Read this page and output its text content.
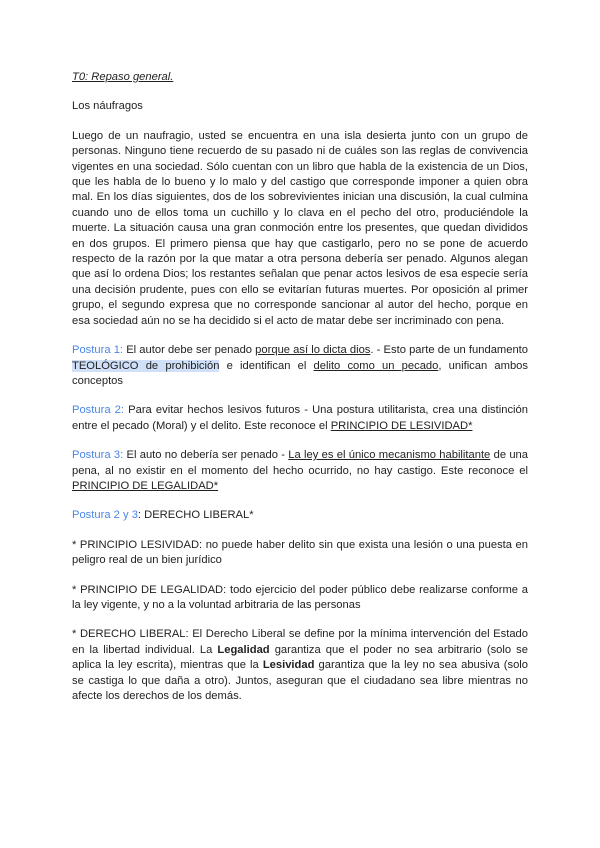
T0: Repaso general.
Los náufragos

Luego de un naufragio, usted se encuentra en una isla desierta junto con un grupo de personas. Ninguno tiene recuerdo de su pasado ni de cuáles son las reglas de convivencia vigentes en una sociedad. Sólo cuentan con un libro que habla de la existencia de un Dios, que les habla de lo bueno y lo malo y del castigo que corresponde imponer a quien obra mal. En los días siguientes, dos de los sobrevivientes inician una discusión, la cual culmina cuando uno de ellos toma un cuchillo y lo clava en el pecho del otro, produciéndole la muerte. La situación causa una gran conmoción entre los presentes, que quedan divididos en dos grupos. El primero piensa que hay que castigarlo, pero no se pone de acuerdo respecto de la razón por la que matar a otra persona debería ser penado. Algunos alegan que así lo ordena Dios; los restantes señalan que penar actos lesivos de esa especie sería una decisión prudente, pues con ello se evitarían futuras muertes. Por oposición al primer grupo, el segundo expresa que no corresponde sancionar al autor del hecho, porque en esa sociedad aún no se ha decidido si el acto de matar debe ser incriminado con pena.

Postura 1: El autor debe ser penado porque así lo dicta dios. - Esto parte de un fundamento TEOLÓGICO de prohibición e identifican el delito como un pecado, unifican ambos conceptos

Postura 2: Para evitar hechos lesivos futuros - Una postura utilitarista, crea una distinción entre el pecado (Moral) y el delito. Este reconoce el PRINCIPIO DE LESIVIDAD*

Postura 3: El auto no debería ser penado - La ley es el único mecanismo habilitante de una pena, al no existir en el momento del hecho ocurrido, no hay castigo. Este reconoce el PRINCIPIO DE LEGALIDAD*

Postura 2 y 3: DERECHO LIBERAL*

* PRINCIPIO LESIVIDAD: no puede haber delito sin que exista una lesión o una puesta en peligro real de un bien jurídico

* PRINCIPIO DE LEGALIDAD: todo ejercicio del poder público debe realizarse conforme a la ley vigente, y no a la voluntad arbitraria de las personas

* DERECHO LIBERAL: El Derecho Liberal se define por la mínima intervención del Estado en la libertad individual. La Legalidad garantiza que el poder no sea arbitrario (solo se aplica la ley escrita), mientras que la Lesividad garantiza que la ley no sea abusiva (solo se castiga lo que daña a otro). Juntos, aseguran que el ciudadano sea libre mientras no afecte los derechos de los demás.
